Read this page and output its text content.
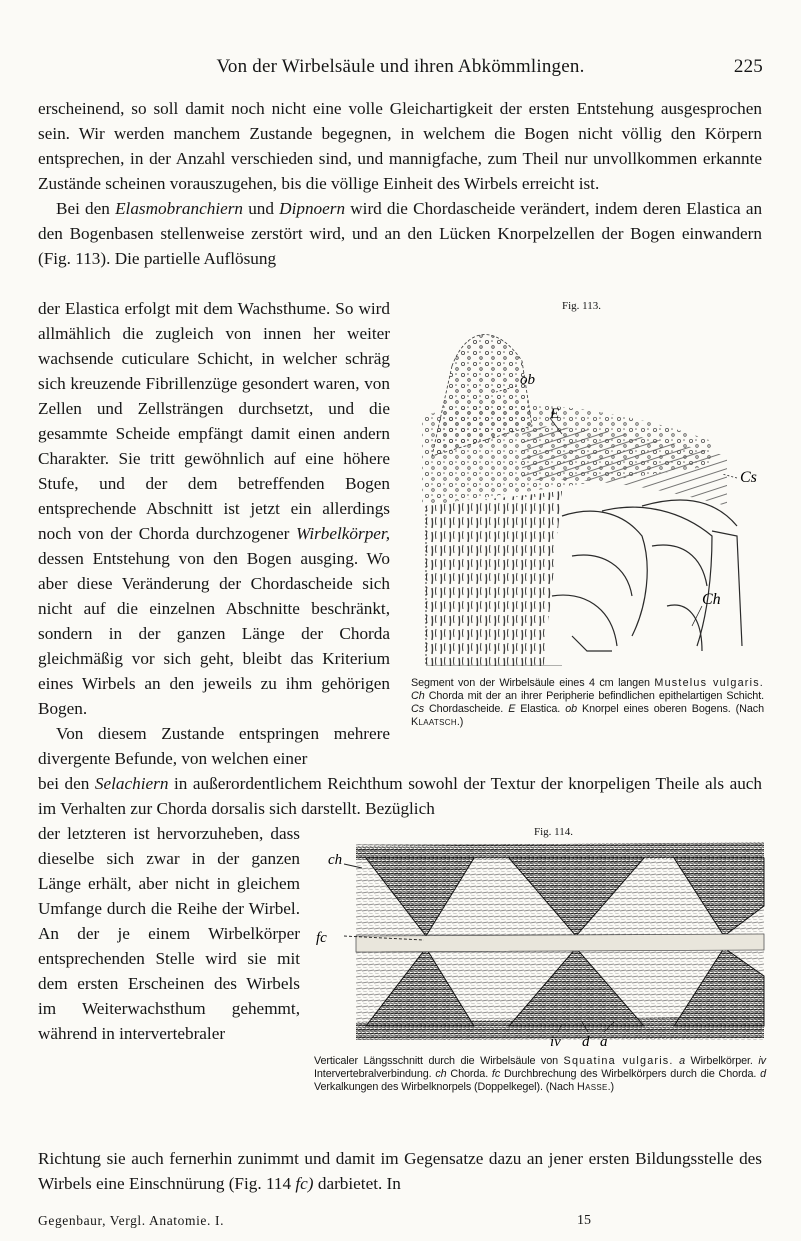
Von der Wirbelsäule und ihren Abkömmlingen.	225

erscheinend, so soll damit noch nicht eine volle Gleichartigkeit der ersten Entstehung ausgesprochen sein. Wir werden manchem Zustande begegnen, in welchem die Bogen nicht völlig den Körpern entsprechen, in der Anzahl verschieden sind, und mannigfache, zum Theil nur unvollkommen erkannte Zustände scheinen vorauszugehen, bis die völlige Einheit des Wirbels erreicht ist.

Bei den Elasmobranchiern und Dipnoern wird die Chordascheide verändert, indem deren Elastica an den Bogenbasen stellenweise zerstört wird, und an den Lücken Knorpelzellen der Bogen einwandern (Fig. 113). Die partielle Auflösung

der Elastica erfolgt mit dem Wachsthume. So wird allmählich die zugleich von innen her weiter wachsende cuticulare Schicht, in welcher schräg sich kreuzende Fibrillenzüge gesondert waren, von Zellen und Zellsträngen durchsetzt, und die gesammte Scheide empfängt damit einen andern Charakter. Sie tritt gewöhnlich auf eine höhere Stufe, und der dem betreffenden Bogen entsprechende Abschnitt ist jetzt ein allerdings noch von der Chorda durchzogener Wirbelkörper, dessen Entstehung von den Bogen ausging. Wo aber diese Veränderung der Chordascheide sich nicht auf die einzelnen Abschnitte beschränkt, sondern in der ganzen Länge der Chorda gleichmäßig vor sich geht, bleibt das Kriterium eines Wirbels an den jeweils zu ihm gehörigen Bogen.

Von diesem Zustande entspringen mehrere divergente Befunde, von welchen einer

bei den Selachiern in außerordentlichem Reichthum sowohl der Textur der knorpeligen Theile als auch im Verhalten zur Chorda dorsalis sich darstellt. Bezüglich

der letzteren ist hervorzuheben, dass dieselbe sich zwar in der ganzen Länge erhält, aber nicht in gleichem Umfange durch die Reihe der Wirbel. An der je einem Wirbelkörper entsprechenden Stelle wird sie mit dem ersten Erscheinen des Wirbels im Weiterwachsthum gehemmt, während in intervertebraler

Richtung sie auch fernerhin zunimmt und damit im Gegensatze dazu an jener ersten Bildungsstelle des Wirbels eine Einschnürung (Fig. 114 fc) darbietet. In

Fig. 113.
ob
E
Cs
Ch
Segment von der Wirbelsäule eines 4 cm langen Mustelus vulgaris. Ch Chorda mit der an ihrer Peripherie befindlichen epithelartigen Schicht. Cs Chordascheide. E Elastica. ob Knorpel eines oberen Bogens. (Nach Klaatsch.)
Fig. 114.
ch
fc
iv d a
Verticaler Längsschnitt durch die Wirbelsäule von Squatina vulgaris. a Wirbelkörper. iv Intervertebralverbindung. ch Chorda. fc Durchbrechung des Wirbelkörpers durch die Chorda. d Verkalkungen des Wirbelknorpels (Doppelkegel). (Nach Hasse.)
Gegenbaur, Vergl. Anatomie. I.	15
